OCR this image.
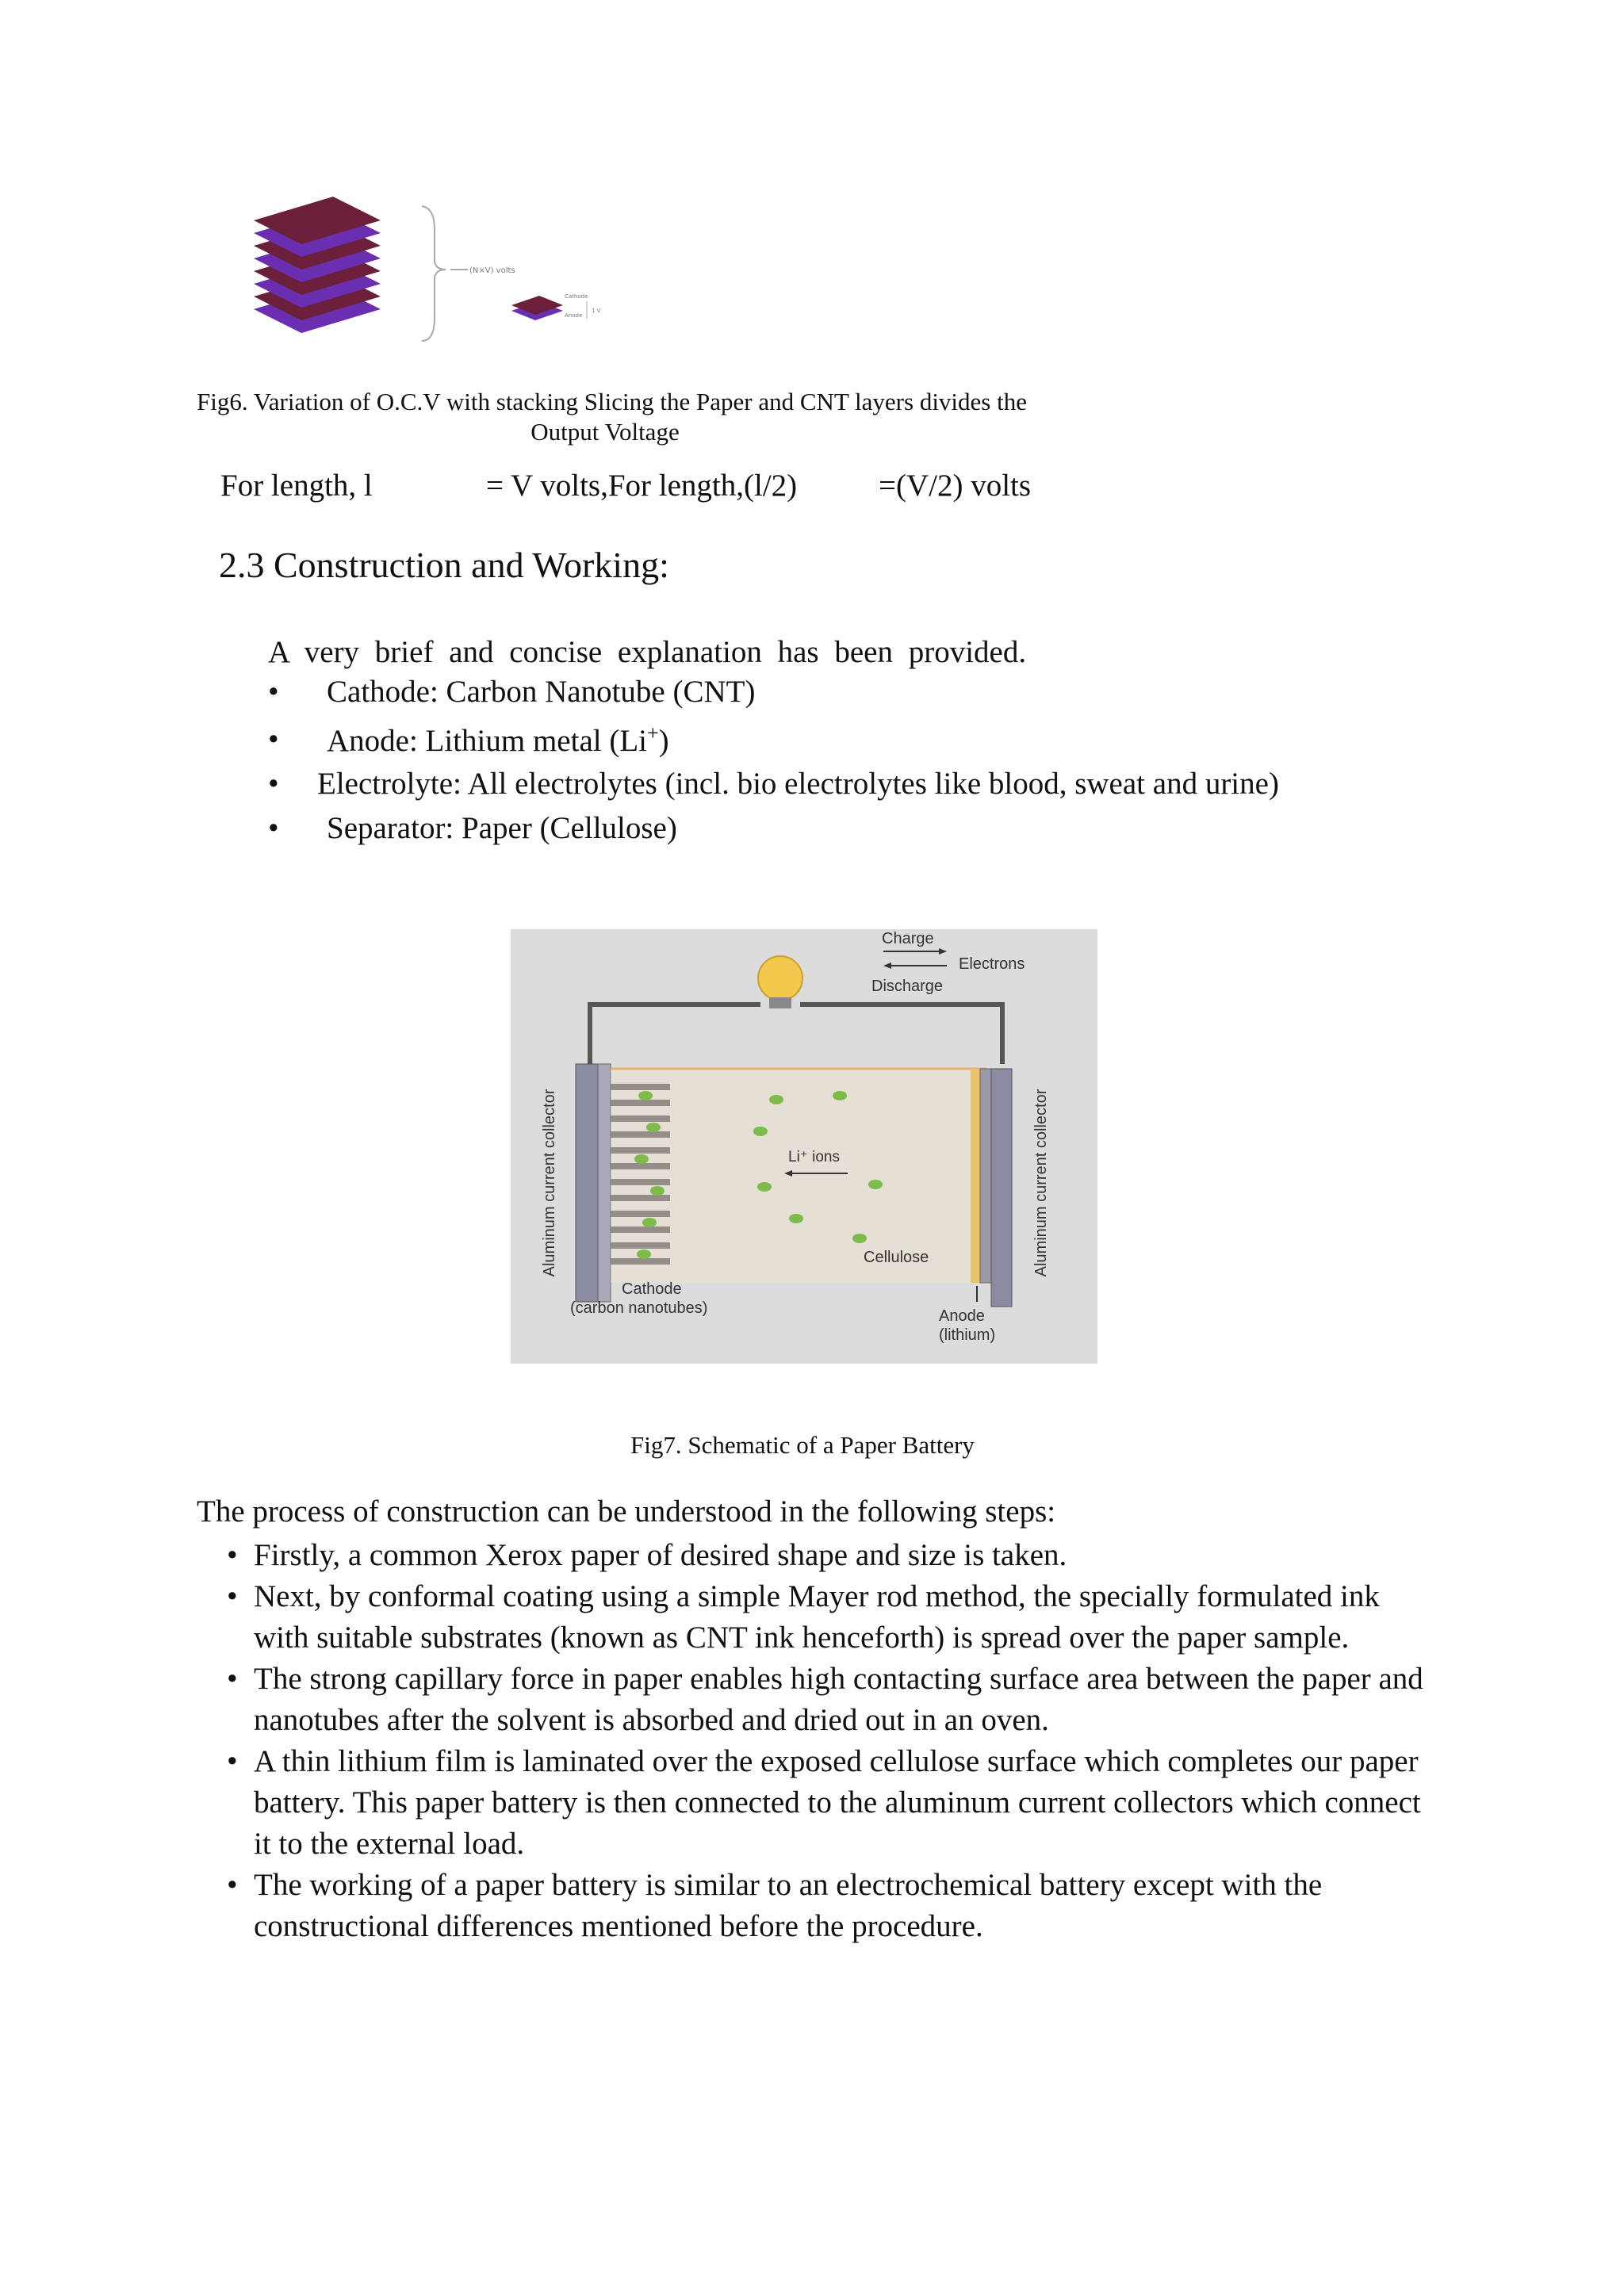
(N×V) volts
Cathode
Anode
1 V
Fig6. Variation of O.C.V with stacking Slicing the Paper and CNT layers divides the
Output Voltage
For length, l	= V volts,For length,(l/2)	=(V/2) volts
2.3 Construction and Working:
A very brief and concise explanation has been provided.
• Cathode: Carbon Nanotube (CNT)
• Anode: Lithium metal (Li+)
• Electrolyte: All electrolytes (incl. bio electrolytes like blood, sweat and urine)
• Separator: Paper (Cellulose)
Charge
Electrons
Discharge
Li⁺ ions
Cellulose
Aluminum current collector	Aluminum current collector
Cathode
(carbon nanotubes)	Anode
(lithium)
Fig7. Schematic of a Paper Battery
The process of construction can be understood in the following steps:
• Firstly, a common Xerox paper of desired shape and size is taken.
• Next, by conformal coating using a simple Mayer rod method, the specially formulated ink with suitable substrates (known as CNT ink henceforth) is spread over the paper sample.
• The strong capillary force in paper enables high contacting surface area between the paper and nanotubes after the solvent is absorbed and dried out in an oven.
• A thin lithium film is laminated over the exposed cellulose surface which completes our paper battery. This paper battery is then connected to the aluminum current collectors which connect it to the external load.
• The working of a paper battery is similar to an electrochemical battery except with the constructional differences mentioned before the procedure.
